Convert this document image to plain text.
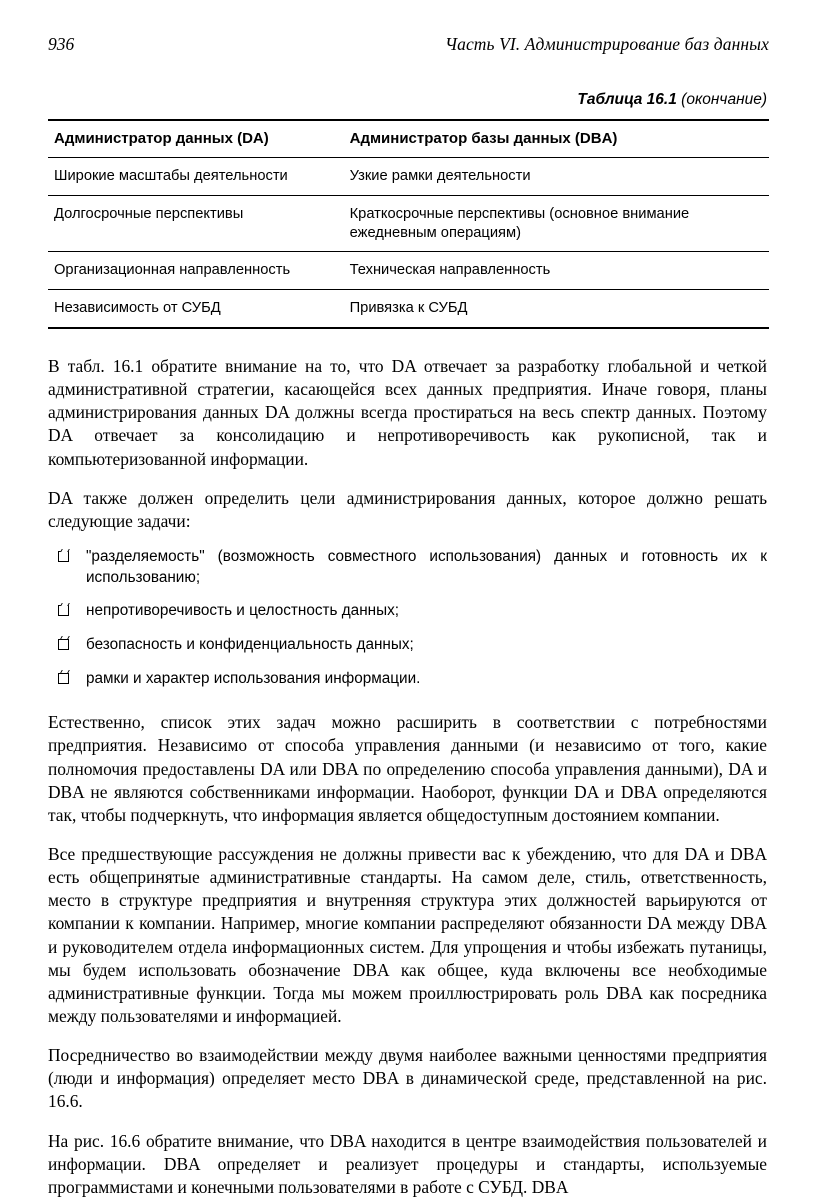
936	Часть VI. Администрирование баз данных
Таблица 16.1 (окончание)
Администратор данных (DA)	Администратор базы данных (DBA)
Широкие масштабы деятельности	Узкие рамки деятельности
Долгосрочные перспективы	Краткосрочные перспективы (основное внимание ежедневным операциям)
Организационная направленность	Техническая направленность
Независимость от СУБД	Привязка к СУБД

В табл. 16.1 обратите внимание на то, что DA отвечает за разработку глобальной и четкой административной стратегии, касающейся всех данных предприятия. Иначе говоря, планы администрирования данных DA должны всегда простираться на весь спектр данных. Поэтому DA отвечает за консолидацию и непротиворечивость как рукописной, так и компьютеризованной информации.

DA также должен определить цели администрирования данных, которое должно решать следующие задачи:

"разделяемость" (возможность совместного использования) данных и готовность их к использованию;
непротиворечивость и целостность данных;
безопасность и конфиденциальность данных;
рамки и характер использования информации.

Естественно, список этих задач можно расширить в соответствии с потребностями предприятия. Независимо от способа управления данными (и независимо от того, какие полномочия предоставлены DA или DBA по определению способа управления данными), DA и DBA не являются собственниками информации. Наоборот, функции DA и DBA определяются так, чтобы подчеркнуть, что информация является общедоступным достоянием компании.

Все предшествующие рассуждения не должны привести вас к убеждению, что для DA и DBA есть общепринятые административные стандарты. На самом деле, стиль, ответственность, место в структуре предприятия и внутренняя структура этих должностей варьируются от компании к компании. Например, многие компании распределяют обязанности DA между DBA и руководителем отдела информационных систем. Для упрощения и чтобы избежать путаницы, мы будем использовать обозначение DBA как общее, куда включены все необходимые административные функции. Тогда мы можем проиллюстрировать роль DBA как посредника между пользователями и информацией.

Посредничество во взаимодействии между двумя наиболее важными ценностями предприятия (люди и информация) определяет место DBA в динамической среде, представленной на рис. 16.6.

На рис. 16.6 обратите внимание, что DBA находится в центре взаимодействия пользователей и информации. DBA определяет и реализует процедуры и стандарты, используемые программистами и конечными пользователями в работе с СУБД. DBA
